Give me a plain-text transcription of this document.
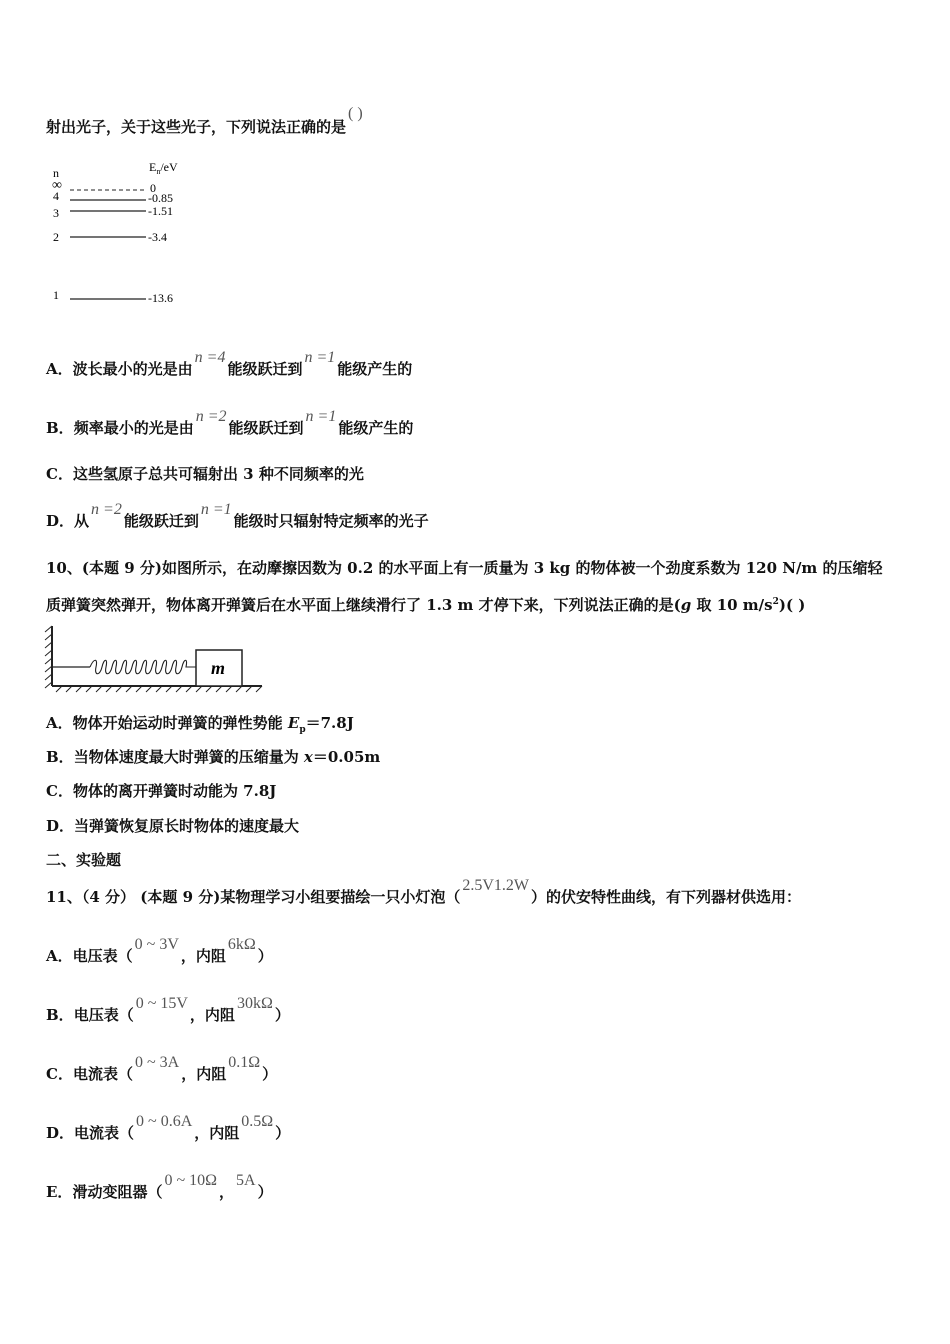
射出光子，关于这些光子，下列说法正确的是( )
n	$E_n/eV$
∞	0
4	-0.85
3	-1.51
2	-3.4
1	-13.6
A．波长最小的光是由n =4能级跃迁到n =1能级产生的
B．频率最小的光是由n =2能级跃迁到n =1能级产生的
C．这些氢原子总共可辐射出 3 种不同频率的光
D．从n =2能级跃迁到n =1能级时只辐射特定频率的光子
10、(本题 9 分)如图所示，在动摩擦因数为 0.2 的水平面上有一质量为 3 kg 的物体被一个劲度系数为 120 N/m 的压缩轻
质弹簧突然弹开，物体离开弹簧后在水平面上继续滑行了 1.3 m 才停下来，下列说法正确的是(g 取 10 $m/s^2$)( )
m
A．物体开始运动时弹簧的弹性势能 $E_p=7.8J$
B．当物体速度最大时弹簧的压缩量为 x＝0.05m
C．物体的离开弹簧时动能为 7.8J
D．当弹簧恢复原长时物体的速度最大
二、实验题
11、（4 分） (本题 9 分)某物理学习小组要描绘一只小灯泡（2.5V1.2W）的伏安特性曲线，有下列器材供选用：
A．电压表（0 ~ 3V，内阻6kΩ）
B．电压表（0 ~ 15V，内阻30kΩ）
C．电流表（0 ~ 3A，内阻0.1Ω）
D．电流表（0 ~ 0.6A，内阻0.5Ω）
E．滑动变阻器（0 ~ 10Ω，5A）
